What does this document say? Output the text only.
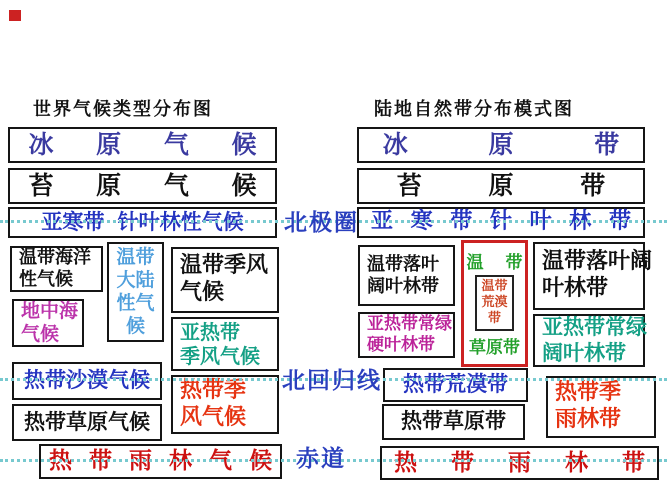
世界气候类型分布图	陆地自然带分布模式图
冰 原 气 候
苔 原 气 候
亚寒带 针叶林性气候
温带海洋
性气候
温带
大陆
性气
候
温带季风
气候
地中海
气候	亚热带
季风气候
热带沙漠气候 热带季
风气候
热带草原气候
热 带 雨 林 气 候
冰 原 带
苔 原 带
亚 寒 带 针 叶 林 带
温带落叶
阔叶林带
温 带
温带
荒漠
带
草原带
温带落叶阔
叶林带
亚热带常绿
硬叶林带
亚热带常绿
阔叶林带
热带荒漠带
热带草原带
热带季
雨林带
热 带 雨 林 带
北极圈
北回归线
赤道
